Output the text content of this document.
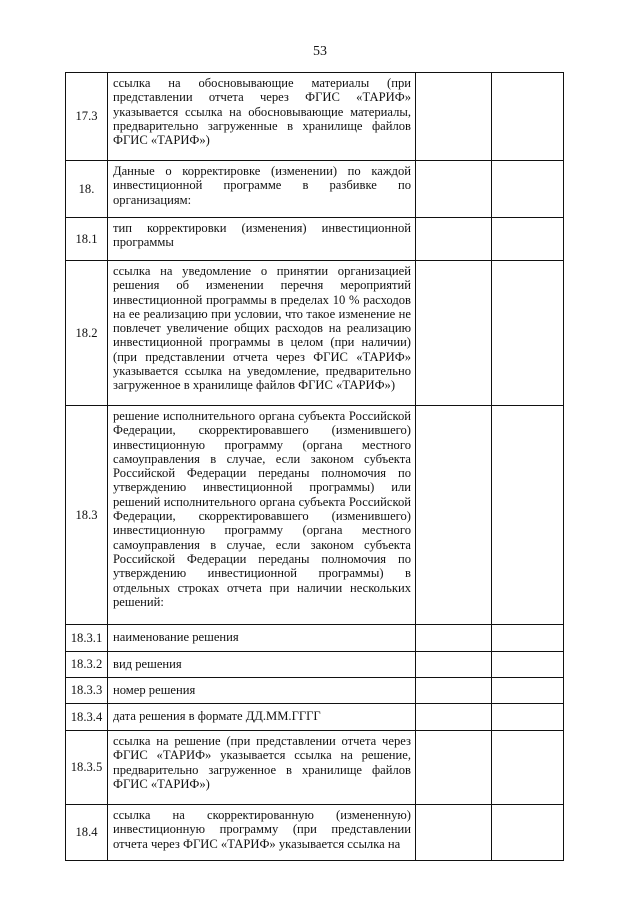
53
17.3	ссылка на обосновывающие материалы (при представлении отчета через ФГИС «ТАРИФ» указывается ссылка на обосновывающие материалы, предварительно загруженные в хранилище файлов ФГИС «ТАРИФ»)		

18.	Данные о корректировке (изменении) по каждой инвестиционной программе в разбивке по организациям:		

18.1	тип корректировки (изменения) инвестиционной программы		

18.2	ссылка на уведомление о принятии организацией решения об изменении перечня мероприятий инвестиционной программы в пределах 10 % расходов на ее реализацию при условии, что такое изменение не повлечет увеличение общих расходов на реализацию инвестиционной программы в целом (при наличии) (при представлении отчета через ФГИС «ТАРИФ» указывается ссылка на уведомление, предварительно загруженное в хранилище файлов ФГИС «ТАРИФ»)		

18.3	решение исполнительного органа субъекта Российской Федерации, скорректировавшего (изменившего) инвестиционную программу (органа местного самоуправления в случае, если законом субъекта Российской Федерации переданы полномочия по утверждению инвестиционной программы) или решений исполнительного органа субъекта Российской Федерации, скорректировавшего (изменившего) инвестиционную программу (органа местного самоуправления в случае, если законом субъекта Российской Федерации переданы полномочия по утверждению инвестиционной программы) в отдельных строках отчета при наличии нескольких решений:		

18.3.1	наименование решения		

18.3.2	вид решения		

18.3.3	номер решения		

18.3.4	дата решения в формате ДД.ММ.ГГГГ		

18.3.5	ссылка на решение (при представлении отчета через ФГИС «ТАРИФ» указывается ссылка на решение, предварительно загруженное в хранилище файлов ФГИС «ТАРИФ»)		

18.4	ссылка на скорректированную (измененную) инвестиционную программу (при представлении отчета через ФГИС «ТАРИФ» указывается ссылка на		
